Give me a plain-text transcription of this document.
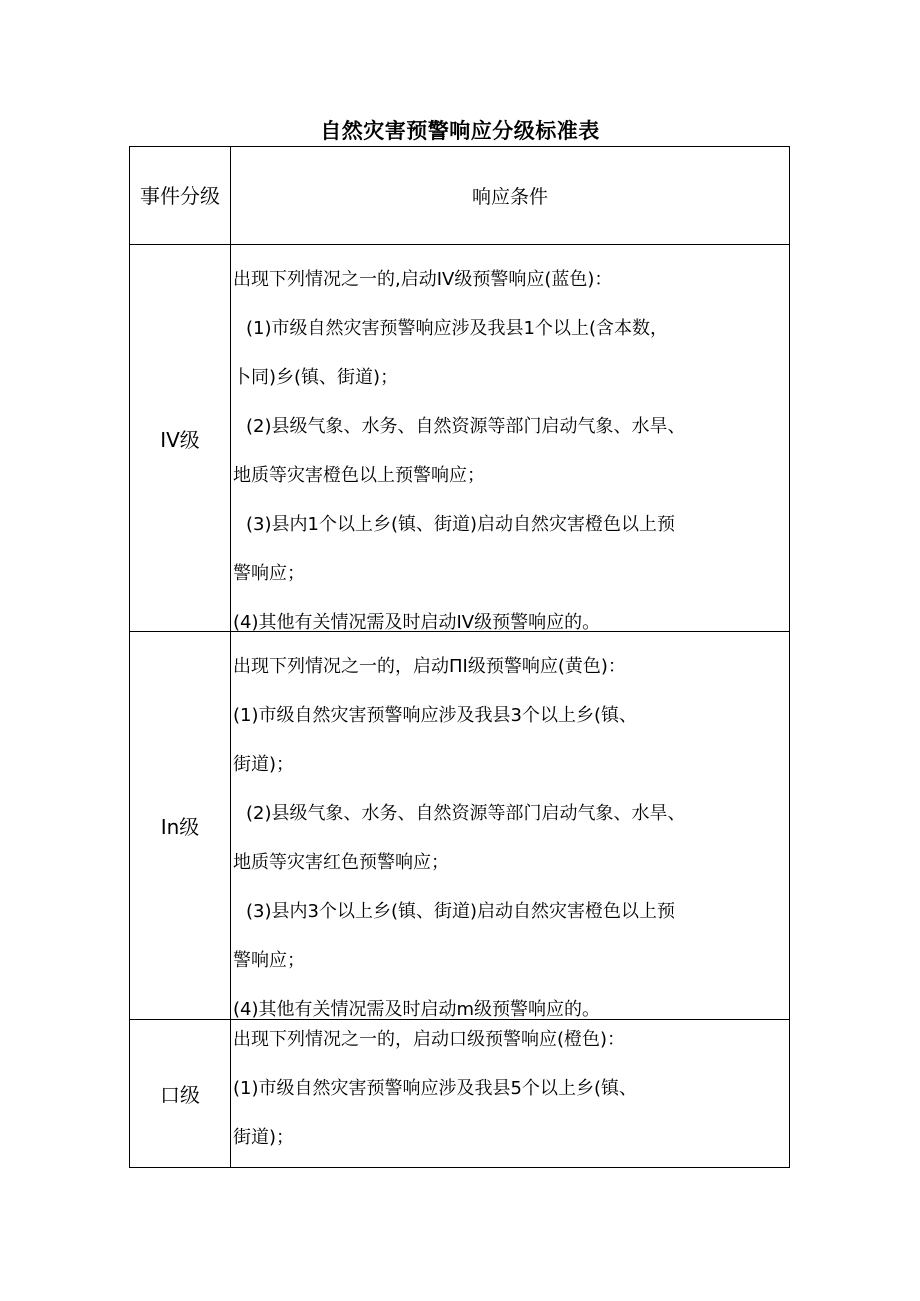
自然灾害预警响应分级标准表
事件分级	响应条件
IV级
出现下列情况之一的,启动IV级预警响应(蓝色)：
(1)市级自然灾害预警响应涉及我县1个以上(含本数，
卜同)乡(镇、街道)；
(2)县级气象、水务、自然资源等部门启动气象、水旱、
地质等灾害橙色以上预警响应；
(3)县内1个以上乡(镇、街道)启动自然灾害橙色以上预
警响应；
(4)其他有关情况需及时启动IV级预警响应的。
In级
出现下列情况之一的，启动ΠI级预警响应(黄色)：
(1)市级自然灾害预警响应涉及我县3个以上乡(镇、
街道)；
(2)县级气象、水务、自然资源等部门启动气象、水旱、
地质等灾害红色预警响应；
(3)县内3个以上乡(镇、街道)启动自然灾害橙色以上预
警响应；
(4)其他有关情况需及时启动m级预警响应的。
口级
出现下列情况之一的，启动口级预警响应(橙色)：
(1)市级自然灾害预警响应涉及我县5个以上乡(镇、
街道)；
